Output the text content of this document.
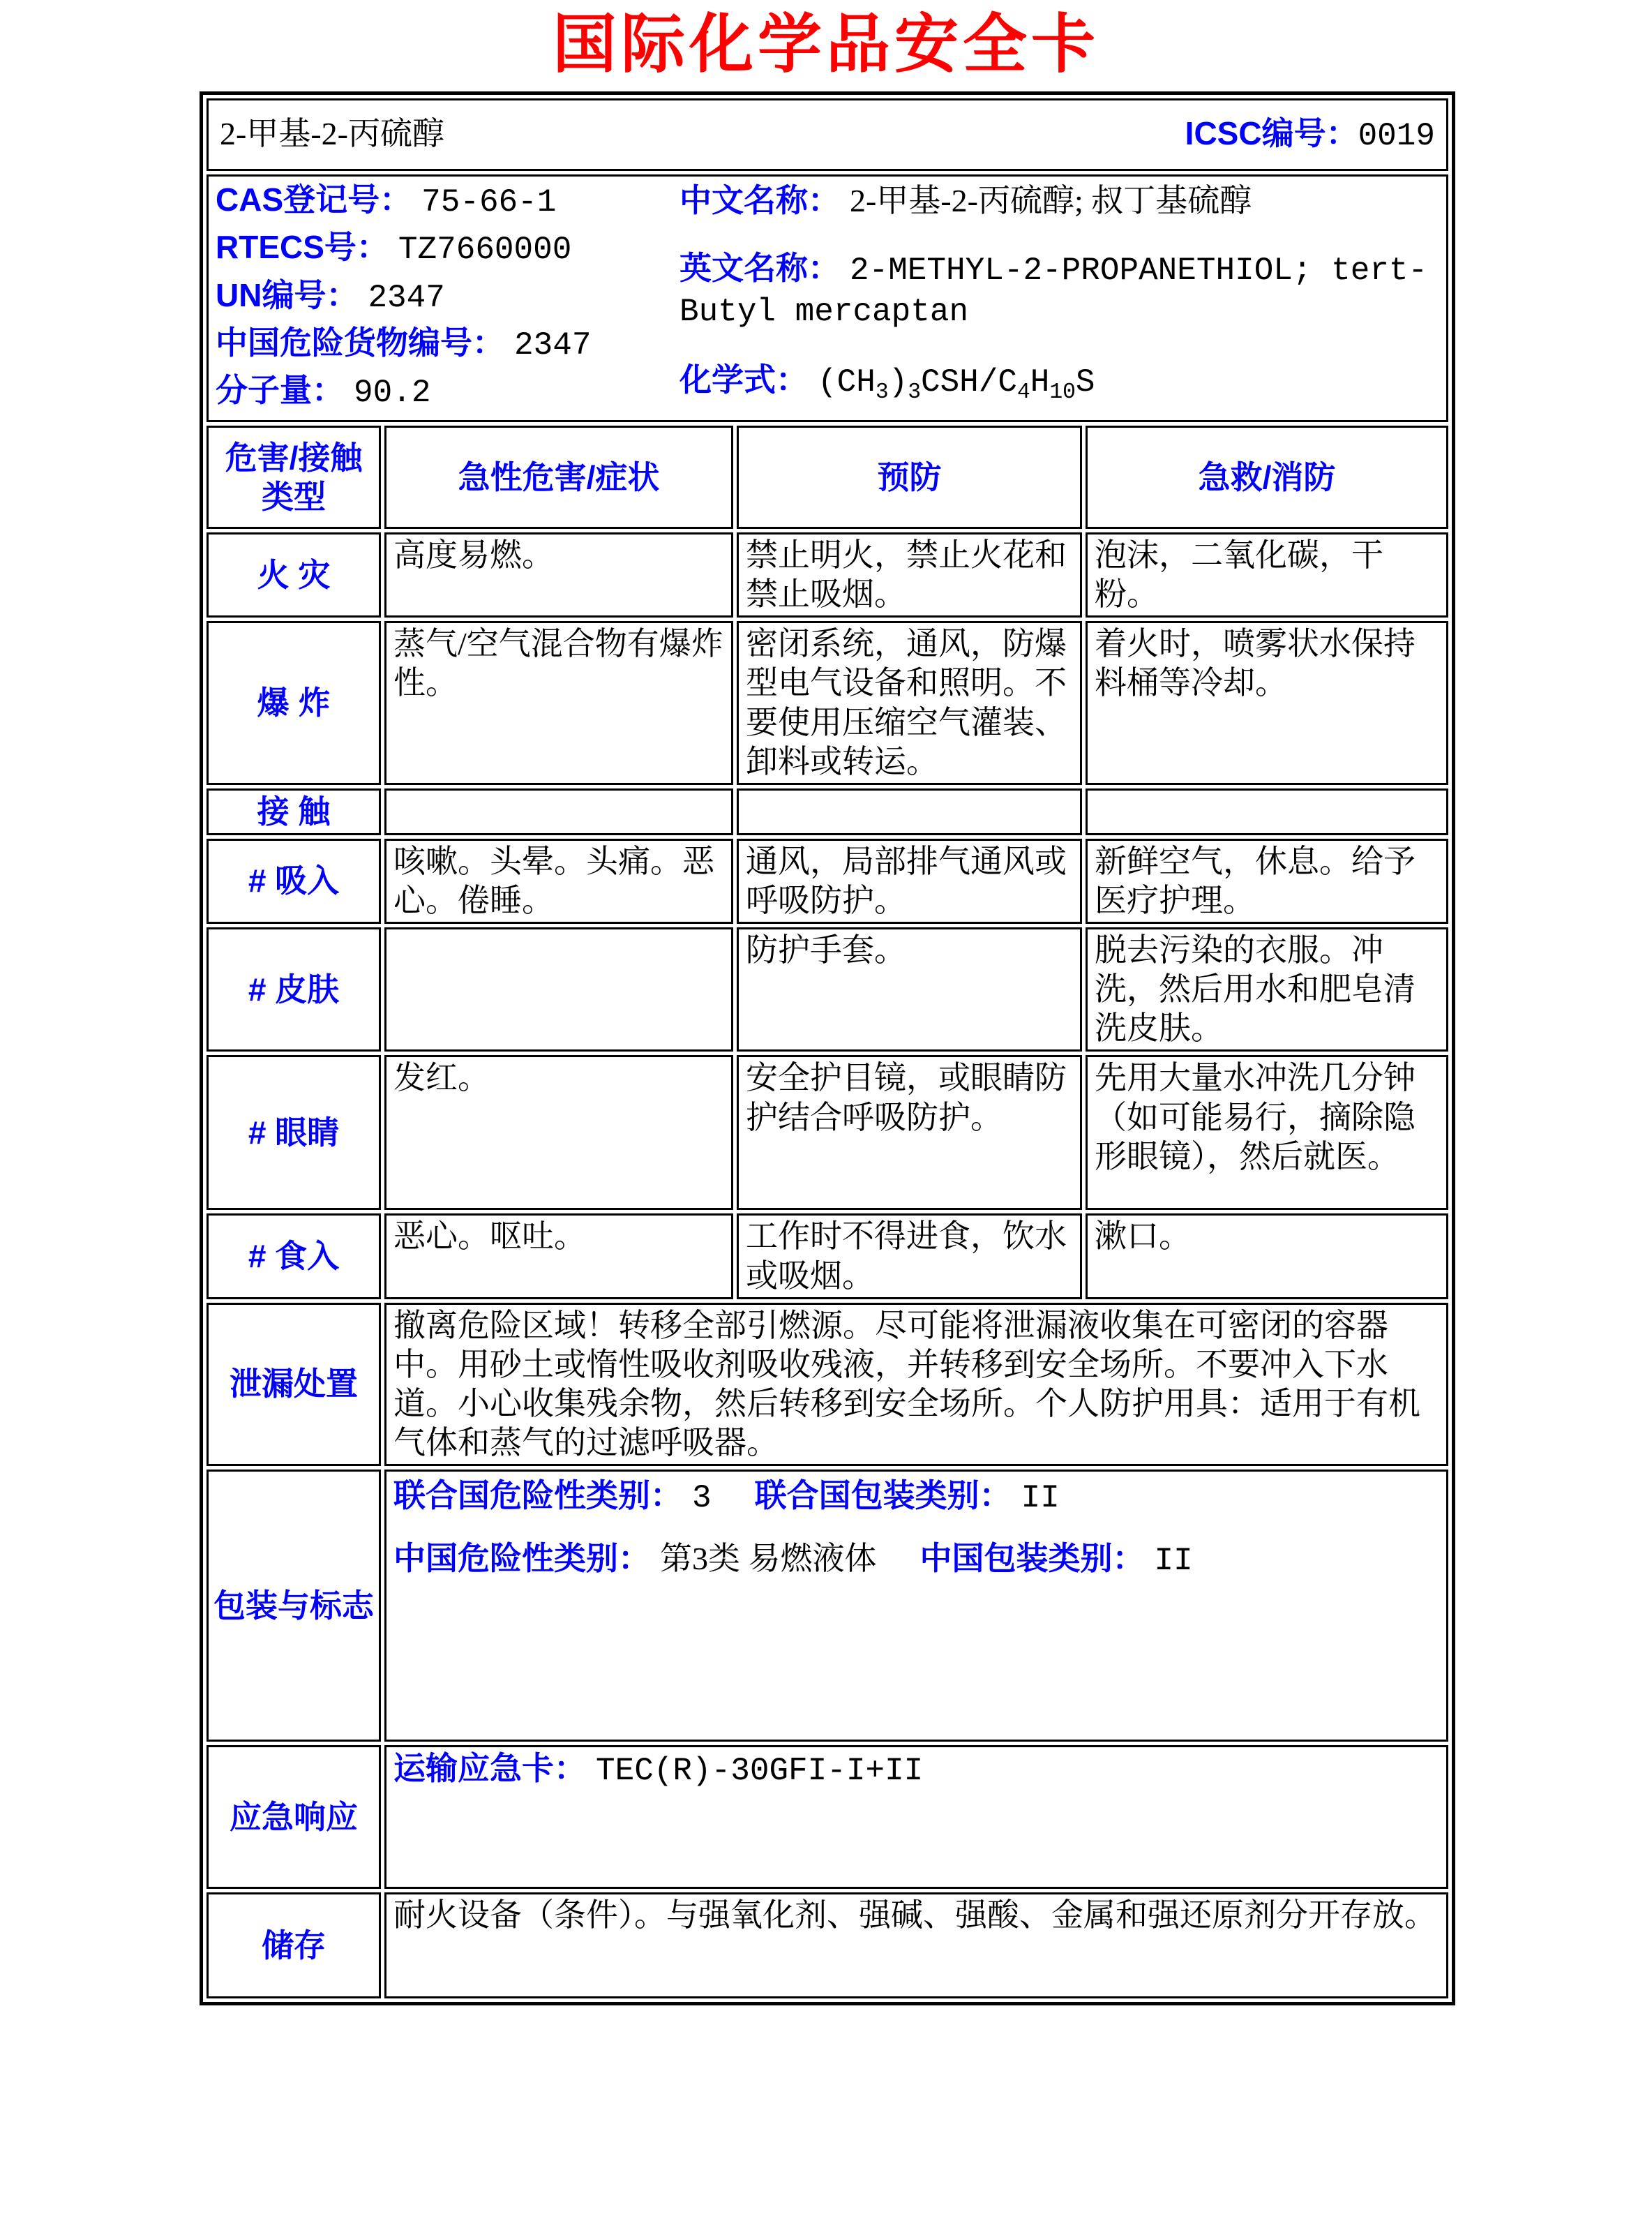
国际化学品安全卡
2-甲基-2-丙硫醇 ICSC编号：0019			

CAS登记号： 75-66-1
RTECS号： TZ7660000
UN编号： 2347
中国危险货物编号： 2347
分子量： 90.2
中文名称： 2-甲基-2-丙硫醇; 叔丁基硫醇
英文名称： 2-METHYL-2-PROPANETHIOL; tert-Butyl mercaptan
化学式： $(CH_3)_3CSH/C_4H_{10}S$

危害/接触
类型	急性危害/症状	预防	急救/消防
火 灾	高度易燃。	禁止明火，禁止火花和禁止吸烟。	泡沫，二氧化碳，干粉。
爆 炸	蒸气/空气混合物有爆炸性。	密闭系统，通风，防爆型电气设备和照明。不要使用压缩空气灌装、卸料或转运。	着火时，喷雾状水保持料桶等冷却。
接 触			
# 吸入	咳嗽。头晕。头痛。恶心。倦睡。	通风，局部排气通风或呼吸防护。	新鲜空气，休息。给予医疗护理。
# 皮肤		防护手套。	脱去污染的衣服。冲洗，然后用水和肥皂清洗皮肤。
# 眼睛	发红。	安全护目镜，或眼睛防护结合呼吸防护。	先用大量水冲洗几分钟（如可能易行，摘除隐形眼镜），然后就医。
# 食入	恶心。呕吐。	工作时不得进食，饮水或吸烟。	漱口。
泄漏处置	撤离危险区域！转移全部引燃源。尽可能将泄漏液收集在可密闭的容器中。用砂土或惰性吸收剂吸收残液，并转移到安全场所。不要冲入下水道。小心收集残余物，然后转移到安全场所。个人防护用具：适用于有机气体和蒸气的过滤呼吸器。		
包装与标志	联合国危险性类别： 3 联合国包装类别： II
中国危险性类别： 第3类 易燃液体 中国包装类别： II		

应急响应	运输应急卡： TEC(R)-30GFI-I+II		
储存	耐火设备（条件）。与强氧化剂、强碱、强酸、金属和强还原剂分开存放。		
